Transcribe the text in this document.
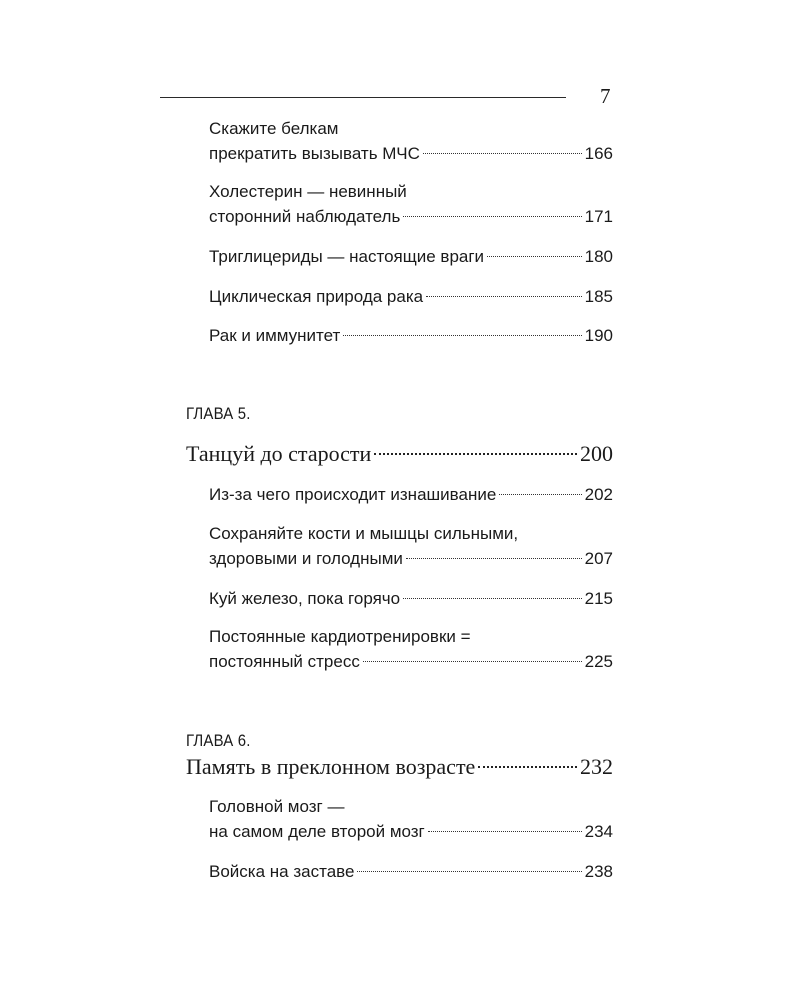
7
Скажите белкам
прекратить вызывать МЧС	166
Холестерин — невинный
сторонний наблюдатель	171
Триглицериды — настоящие враги	180
Циклическая природа рака	185
Рак и иммунитет	190
ГЛАВА 5.
Танцуй до старости	200
Из-за чего происходит изнашивание	202
Сохраняйте кости и мышцы сильными,
здоровыми и голодными	207
Куй железо, пока горячо	215
Постоянные кардиотренировки =
постоянный стресс	225
ГЛАВА 6.
Память в преклонном возрасте	232
Головной мозг —
на самом деле второй мозг	234
Войска на заставе	238
